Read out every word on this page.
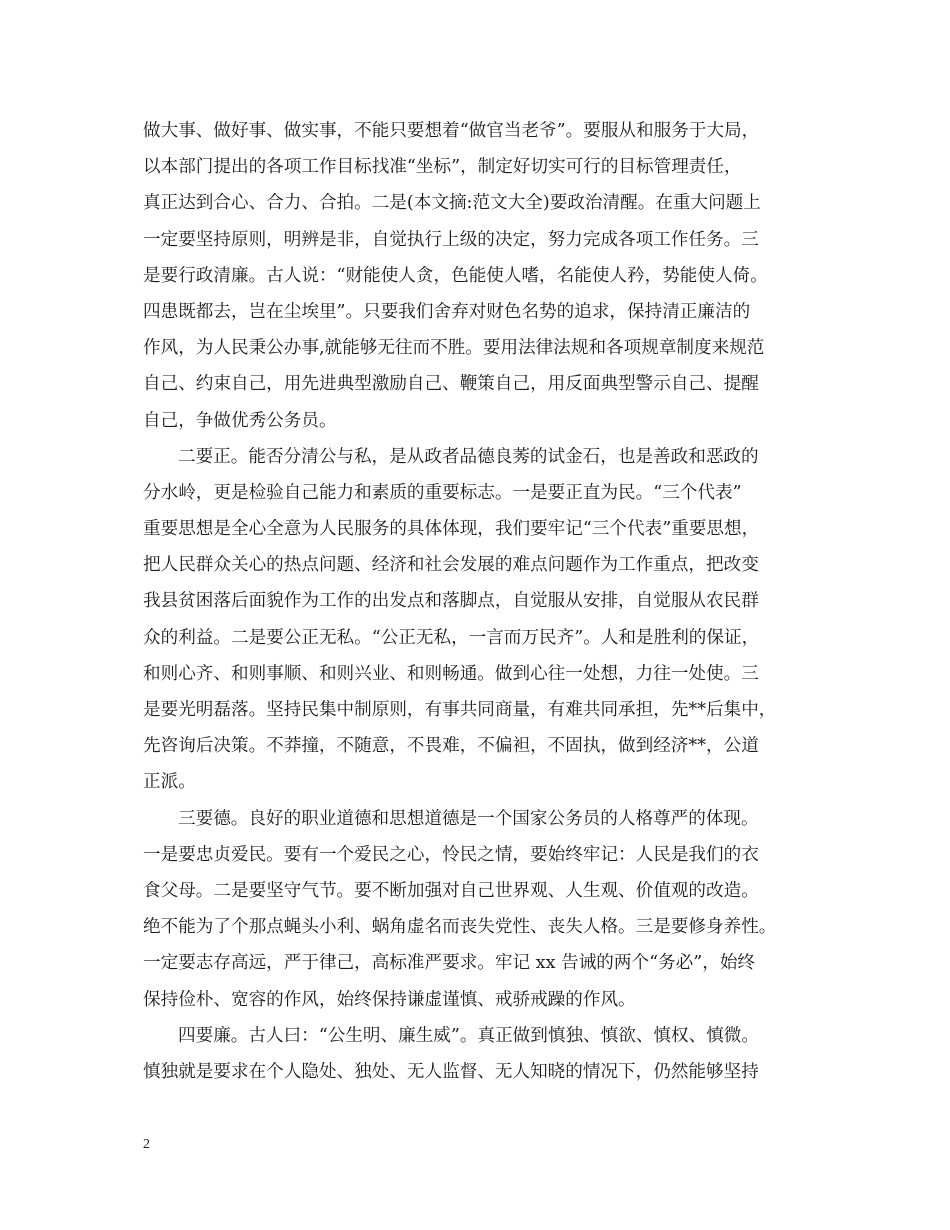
做大事、做好事、做实事，不能只要想着“做官当老爷”。要服从和服务于大局，
以本部门提出的各项工作目标找准“坐标”，制定好切实可行的目标管理责任，
真正达到合心、合力、合拍。二是(本文摘:范文大全)要政治清醒。在重大问题上
一定要坚持原则，明辨是非，自觉执行上级的决定，努力完成各项工作任务。三
是要行政清廉。古人说：“财能使人贪，色能使人嗜，名能使人矜，势能使人倚。
四患既都去，岂在尘埃里”。只要我们舍弃对财色名势的追求，保持清正廉洁的
作风，为人民秉公办事,就能够无往而不胜。要用法律法规和各项规章制度来规范
自己、约束自己，用先进典型激励自己、鞭策自己，用反面典型警示自己、提醒
自己，争做优秀公务员。
二要正。能否分清公与私，是从政者品德良莠的试金石，也是善政和恶政的
分水岭，更是检验自己能力和素质的重要标志。一是要正直为民。“三个代表”
重要思想是全心全意为人民服务的具体体现，我们要牢记“三个代表”重要思想，
把人民群众关心的热点问题、经济和社会发展的难点问题作为工作重点，把改变
我县贫困落后面貌作为工作的出发点和落脚点，自觉服从安排，自觉服从农民群
众的利益。二是要公正无私。“公正无私，一言而万民齐”。人和是胜利的保证，
和则心齐、和则事顺、和则兴业、和则畅通。做到心往一处想，力往一处使。三
是要光明磊落。坚持民集中制原则，有事共同商量，有难共同承担，先**后集中，
先咨询后决策。不莽撞，不随意，不畏难，不偏袒，不固执，做到经济**，公道
正派。
三要德。良好的职业道德和思想道德是一个国家公务员的人格尊严的体现。
一是要忠贞爱民。要有一个爱民之心，怜民之情，要始终牢记：人民是我们的衣
食父母。二是要坚守气节。要不断加强对自己世界观、人生观、价值观的改造。
绝不能为了个那点蝇头小利、蜗角虚名而丧失党性、丧失人格。三是要修身养性。
一定要志存高远，严于律己，高标准严要求。牢记 xx 告诫的两个“务必”，始终
保持俭朴、宽容的作风，始终保持谦虚谨慎、戒骄戒躁的作风。
四要廉。古人曰：“公生明、廉生威”。真正做到慎独、慎欲、慎权、慎微。
慎独就是要求在个人隐处、独处、无人监督、无人知晓的情况下，仍然能够坚持
2
